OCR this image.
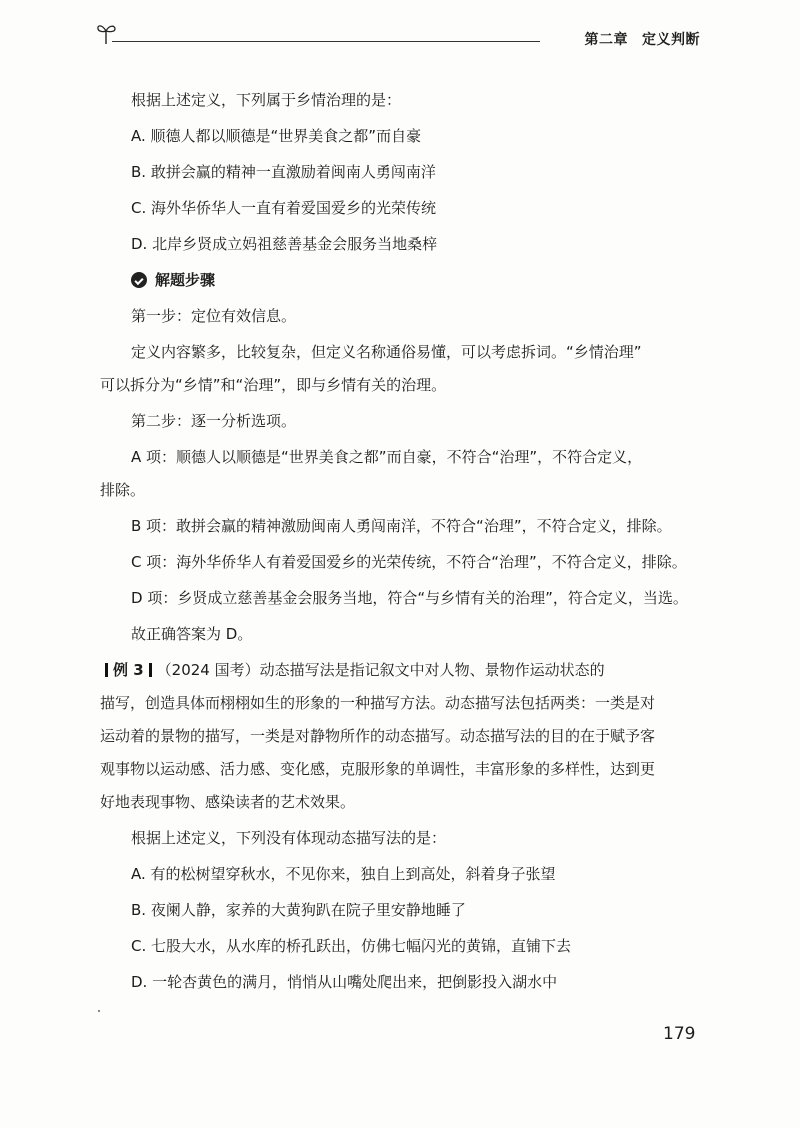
第二章 定义判断
根据上述定义，下列属于乡情治理的是：
A. 顺德人都以顺德是“世界美食之都”而自豪
B. 敢拼会赢的精神一直激励着闽南人勇闯南洋
C. 海外华侨华人一直有着爱国爱乡的光荣传统
D. 北岸乡贤成立妈祖慈善基金会服务当地桑梓
解题步骤
第一步：定位有效信息。
定义内容繁多，比较复杂，但定义名称通俗易懂，可以考虑拆词。“乡情治理”
可以拆分为“乡情”和“治理”，即与乡情有关的治理。
第二步：逐一分析选项。
A 项：顺德人以顺德是“世界美食之都”而自豪，不符合“治理”，不符合定义，
排除。
B 项：敢拼会赢的精神激励闽南人勇闯南洋，不符合“治理”，不符合定义，排除。
C 项：海外华侨华人有着爱国爱乡的光荣传统，不符合“治理”，不符合定义，排除。
D 项：乡贤成立慈善基金会服务当地，符合“与乡情有关的治理”，符合定义，当选。
故正确答案为 D。
例 3 （2024 国考）动态描写法是指记叙文中对人物、景物作运动状态的
描写，创造具体而栩栩如生的形象的一种描写方法。动态描写法包括两类：一类是对
运动着的景物的描写，一类是对静物所作的动态描写。动态描写法的目的在于赋予客
观事物以运动感、活力感、变化感，克服形象的单调性，丰富形象的多样性，达到更
好地表现事物、感染读者的艺术效果。
根据上述定义，下列没有体现动态描写法的是：
A. 有的松树望穿秋水，不见你来，独自上到高处，斜着身子张望
B. 夜阑人静，家养的大黄狗趴在院子里安静地睡了
C. 七股大水，从水库的桥孔跃出，仿佛七幅闪光的黄锦，直铺下去
D. 一轮杏黄色的满月，悄悄从山嘴处爬出来，把倒影投入湖水中
179
